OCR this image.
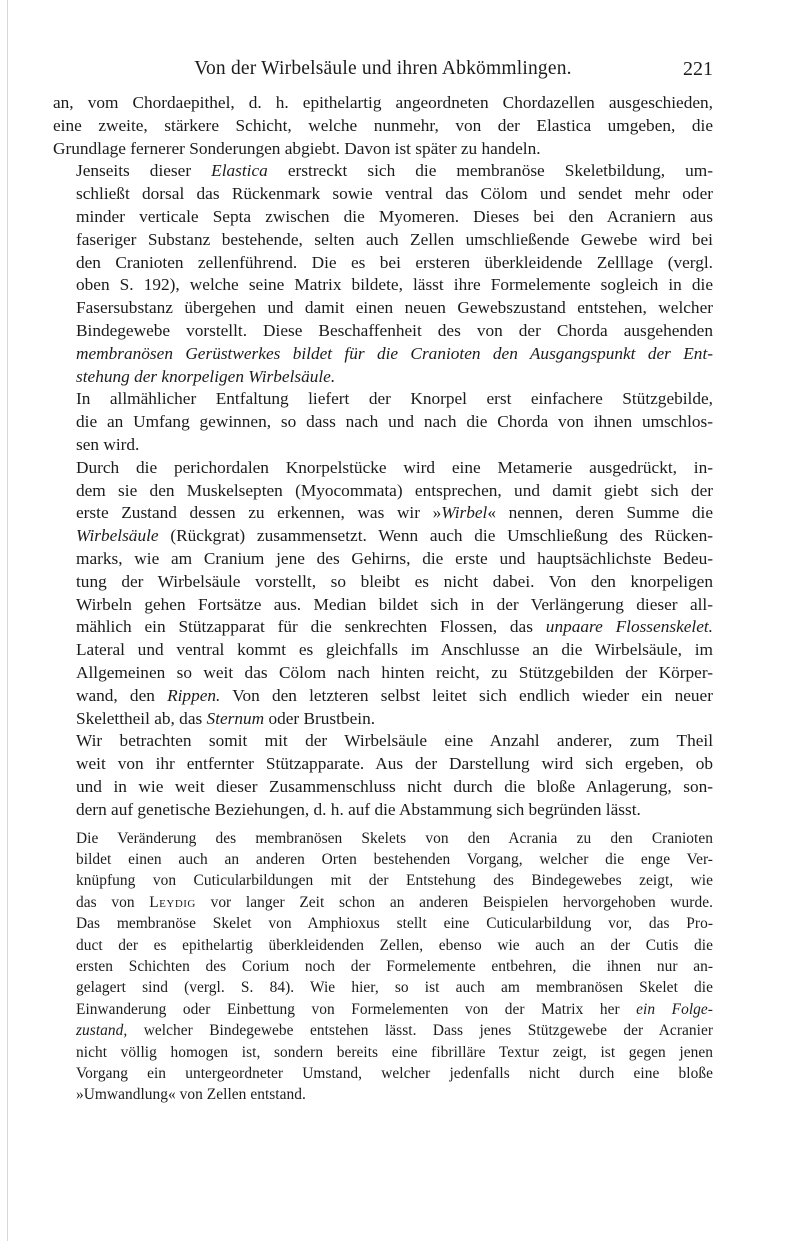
Von der Wirbelsäule und ihren Abkömmlingen.	221

an, vom Chordaepithel, d. h. epithelartig angeordneten Chordazellen ausgeschieden,
eine zweite, stärkere Schicht, welche nunmehr, von der Elastica umgeben, die
Grundlage fernerer Sonderungen abgiebt. Davon ist später zu handeln.

Jenseits dieser Elastica erstreckt sich die membranöse Skeletbildung, um-
schließt dorsal das Rückenmark sowie ventral das Cölom und sendet mehr oder
minder verticale Septa zwischen die Myomeren. Dieses bei den Acraniern aus
faseriger Substanz bestehende, selten auch Zellen umschließende Gewebe wird bei
den Cranioten zellenführend. Die es bei ersteren überkleidende Zelllage (vergl.
oben S. 192), welche seine Matrix bildete, lässt ihre Formelemente sogleich in die
Fasersubstanz übergehen und damit einen neuen Gewebszustand entstehen, welcher
Bindegewebe vorstellt. Diese Beschaffenheit des von der Chorda ausgehenden
membranösen Gerüstwerkes bildet für die Cranioten den Ausgangspunkt der Ent-
stehung der knorpeligen Wirbelsäule.

In allmählicher Entfaltung liefert der Knorpel erst einfachere Stützgebilde,
die an Umfang gewinnen, so dass nach und nach die Chorda von ihnen umschlos-
sen wird.

Durch die perichordalen Knorpelstücke wird eine Metamerie ausgedrückt, in-
dem sie den Muskelsepten (Myocommata) entsprechen, und damit giebt sich der
erste Zustand dessen zu erkennen, was wir »Wirbel« nennen, deren Summe die
Wirbelsäule (Rückgrat) zusammensetzt. Wenn auch die Umschließung des Rücken-
marks, wie am Cranium jene des Gehirns, die erste und hauptsächlichste Bedeu-
tung der Wirbelsäule vorstellt, so bleibt es nicht dabei. Von den knorpeligen
Wirbeln gehen Fortsätze aus. Median bildet sich in der Verlängerung dieser all-
mählich ein Stützapparat für die senkrechten Flossen, das unpaare Flossenskelet.
Lateral und ventral kommt es gleichfalls im Anschlusse an die Wirbelsäule, im
Allgemeinen so weit das Cölom nach hinten reicht, zu Stützgebilden der Körper-
wand, den Rippen. Von den letzteren selbst leitet sich endlich wieder ein neuer
Skelettheil ab, das Sternum oder Brustbein.

Wir betrachten somit mit der Wirbelsäule eine Anzahl anderer, zum Theil
weit von ihr entfernter Stützapparate. Aus der Darstellung wird sich ergeben, ob
und in wie weit dieser Zusammenschluss nicht durch die bloße Anlagerung, son-
dern auf genetische Beziehungen, d. h. auf die Abstammung sich begründen lässt.

Die Veränderung des membranösen Skelets von den Acrania zu den Cranioten
bildet einen auch an anderen Orten bestehenden Vorgang, welcher die enge Ver-
knüpfung von Cuticularbildungen mit der Entstehung des Bindegewebes zeigt, wie
das von Leydig vor langer Zeit schon an anderen Beispielen hervorgehoben wurde.
Das membranöse Skelet von Amphioxus stellt eine Cuticularbildung vor, das Pro-
duct der es epithelartig überkleidenden Zellen, ebenso wie auch an der Cutis die
ersten Schichten des Corium noch der Formelemente entbehren, die ihnen nur an-
gelagert sind (vergl. S. 84). Wie hier, so ist auch am membranösen Skelet die
Einwanderung oder Einbettung von Formelementen von der Matrix her ein Folge-
zustand, welcher Bindegewebe entstehen lässt. Dass jenes Stützgewebe der Acranier
nicht völlig homogen ist, sondern bereits eine fibrilläre Textur zeigt, ist gegen jenen
Vorgang ein untergeordneter Umstand, welcher jedenfalls nicht durch eine bloße
»Umwandlung« von Zellen entstand.
